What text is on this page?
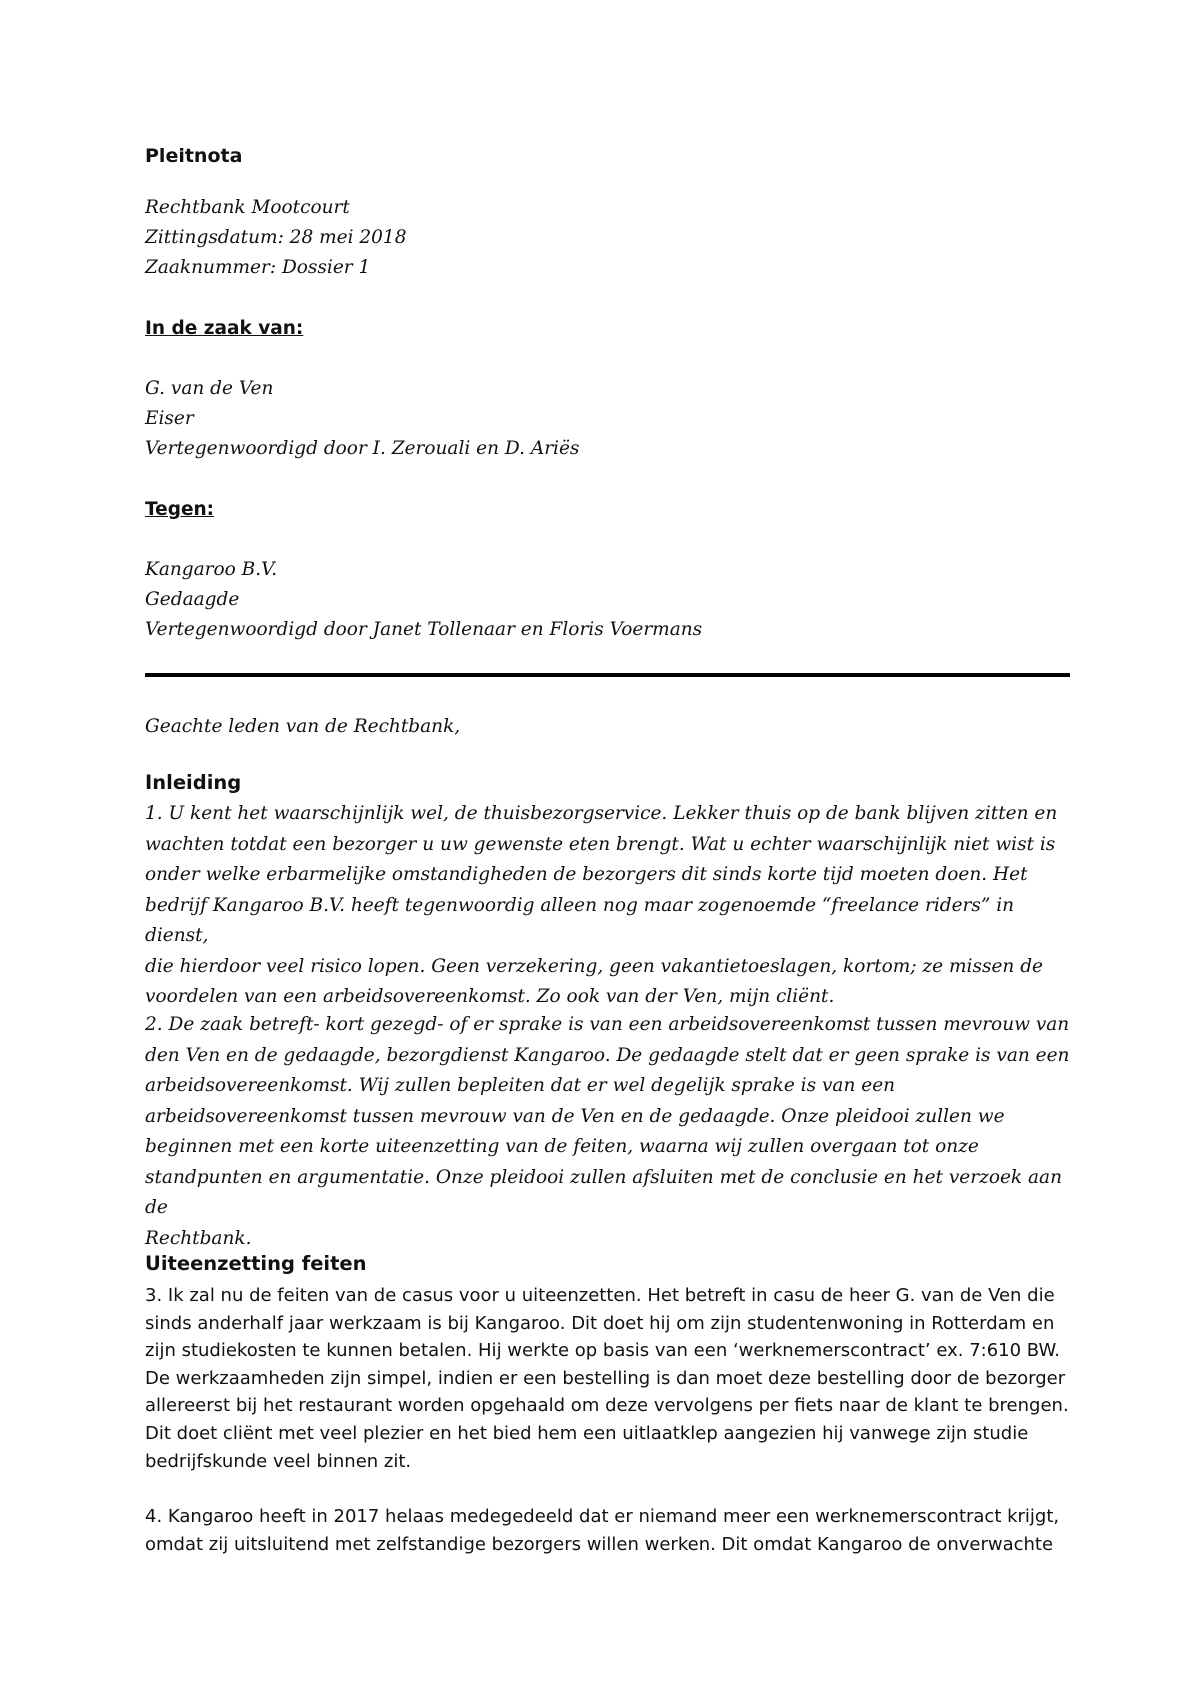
Pleitnota
Rechtbank Mootcourt
Zittingsdatum: 28 mei 2018
Zaaknummer: Dossier 1
In de zaak van:
G. van de Ven
Eiser
Vertegenwoordigd door I. Zerouali en D. Ariës
Tegen:
Kangaroo B.V.
Gedaagde
Vertegenwoordigd door Janet Tollenaar en Floris Voermans
Geachte leden van de Rechtbank,
Inleiding
1. U kent het waarschijnlijk wel, de thuisbezorgservice. Lekker thuis op de bank blijven zitten en
wachten totdat een bezorger u uw gewenste eten brengt. Wat u echter waarschijnlijk niet wist is
onder welke erbarmelijke omstandigheden de bezorgers dit sinds korte tijd moeten doen. Het
bedrijf Kangaroo B.V. heeft tegenwoordig alleen nog maar zogenoemde “freelance riders” in dienst,
die hierdoor veel risico lopen. Geen verzekering, geen vakantietoeslagen, kortom; ze missen de
voordelen van een arbeidsovereenkomst. Zo ook van der Ven, mijn cliënt.
2. De zaak betreft- kort gezegd- of er sprake is van een arbeidsovereenkomst tussen mevrouw van
den Ven en de gedaagde, bezorgdienst Kangaroo. De gedaagde stelt dat er geen sprake is van een
arbeidsovereenkomst. Wij zullen bepleiten dat er wel degelijk sprake is van een
arbeidsovereenkomst tussen mevrouw van de Ven en de gedaagde. Onze pleidooi zullen we
beginnen met een korte uiteenzetting van de feiten, waarna wij zullen overgaan tot onze
standpunten en argumentatie. Onze pleidooi zullen afsluiten met de conclusie en het verzoek aan de
Rechtbank.
Uiteenzetting feiten
3. Ik zal nu de feiten van de casus voor u uiteenzetten. Het betreft in casu de heer G. van de Ven die
sinds anderhalf jaar werkzaam is bij Kangaroo. Dit doet hij om zijn studentenwoning in Rotterdam en
zijn studiekosten te kunnen betalen. Hij werkte op basis van een ‘werknemerscontract’ ex. 7:610 BW.
De werkzaamheden zijn simpel, indien er een bestelling is dan moet deze bestelling door de bezorger
allereerst bij het restaurant worden opgehaald om deze vervolgens per fiets naar de klant te brengen.
Dit doet cliënt met veel plezier en het bied hem een uitlaatklep aangezien hij vanwege zijn studie
bedrijfskunde veel binnen zit.
4. Kangaroo heeft in 2017 helaas medegedeeld dat er niemand meer een werknemerscontract krijgt,
omdat zij uitsluitend met zelfstandige bezorgers willen werken. Dit omdat Kangaroo de onverwachte
